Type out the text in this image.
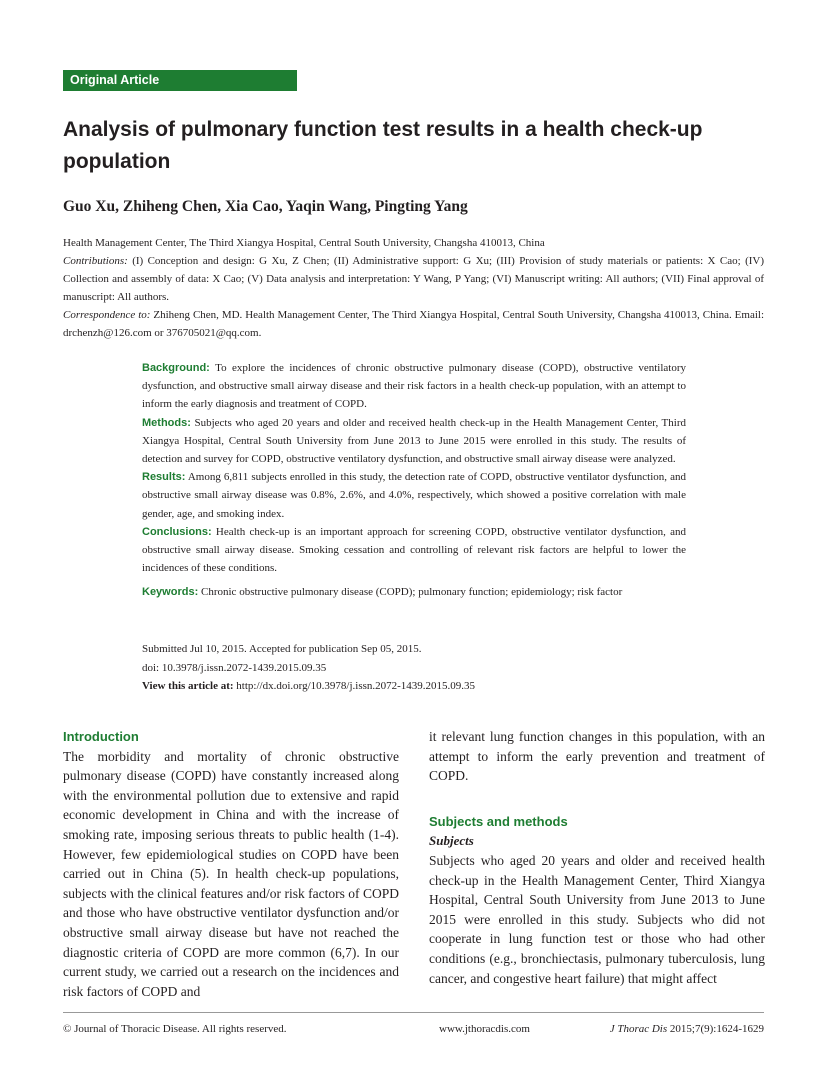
Original Article
Analysis of pulmonary function test results in a health check-up population
Guo Xu, Zhiheng Chen, Xia Cao, Yaqin Wang, Pingting Yang

Health Management Center, The Third Xiangya Hospital, Central South University, Changsha 410013, China

Contributions: (I) Conception and design: G Xu, Z Chen; (II) Administrative support: G Xu; (III) Provision of study materials or patients: X Cao; (IV) Collection and assembly of data: X Cao; (V) Data analysis and interpretation: Y Wang, P Yang; (VI) Manuscript writing: All authors; (VII) Final approval of manuscript: All authors.

Correspondence to: Zhiheng Chen, MD. Health Management Center, The Third Xiangya Hospital, Central South University, Changsha 410013, China. Email: drchenzh@126.com or 376705021@qq.com.

Background: To explore the incidences of chronic obstructive pulmonary disease (COPD), obstructive ventilatory dysfunction, and obstructive small airway disease and their risk factors in a health check-up population, with an attempt to inform the early diagnosis and treatment of COPD.

Methods: Subjects who aged 20 years and older and received health check-up in the Health Management Center, Third Xiangya Hospital, Central South University from June 2013 to June 2015 were enrolled in this study. The results of detection and survey for COPD, obstructive ventilatory dysfunction, and obstructive small airway disease were analyzed.

Results: Among 6,811 subjects enrolled in this study, the detection rate of COPD, obstructive ventilator dysfunction, and obstructive small airway disease was 0.8%, 2.6%, and 4.0%, respectively, which showed a positive correlation with male gender, age, and smoking index.

Conclusions: Health check-up is an important approach for screening COPD, obstructive ventilator dysfunction, and obstructive small airway disease. Smoking cessation and controlling of relevant risk factors are helpful to lower the incidences of these conditions.

Keywords: Chronic obstructive pulmonary disease (COPD); pulmonary function; epidemiology; risk factor

Submitted Jul 10, 2015. Accepted for publication Sep 05, 2015.

doi: 10.3978/j.issn.2072-1439.2015.09.35

View this article at: http://dx.doi.org/10.3978/j.issn.2072-1439.2015.09.35

Introduction

The morbidity and mortality of chronic obstructive pulmonary disease (COPD) have constantly increased along with the environmental pollution due to extensive and rapid economic development in China and with the increase of smoking rate, imposing serious threats to public health (1-4). However, few epidemiological studies on COPD have been carried out in China (5). In health check-up populations, subjects with the clinical features and/or risk factors of COPD and those who have obstructive ventilator dysfunction and/or obstructive small airway disease but have not reached the diagnostic criteria of COPD are more common (6,7). In our current study, we carried out a research on the incidences and risk factors of COPD and

it relevant lung function changes in this population, with an attempt to inform the early prevention and treatment of COPD.

Subjects and methods

Subjects

Subjects who aged 20 years and older and received health check-up in the Health Management Center, Third Xiangya Hospital, Central South University from June 2013 to June 2015 were enrolled in this study. Subjects who did not cooperate in lung function test or those who had other conditions (e.g., bronchiectasis, pulmonary tuberculosis, lung cancer, and congestive heart failure) that might affect

© Journal of Thoracic Disease. All rights reserved.	www.jthoracdis.com	J Thorac Dis 2015;7(9):1624-1629
